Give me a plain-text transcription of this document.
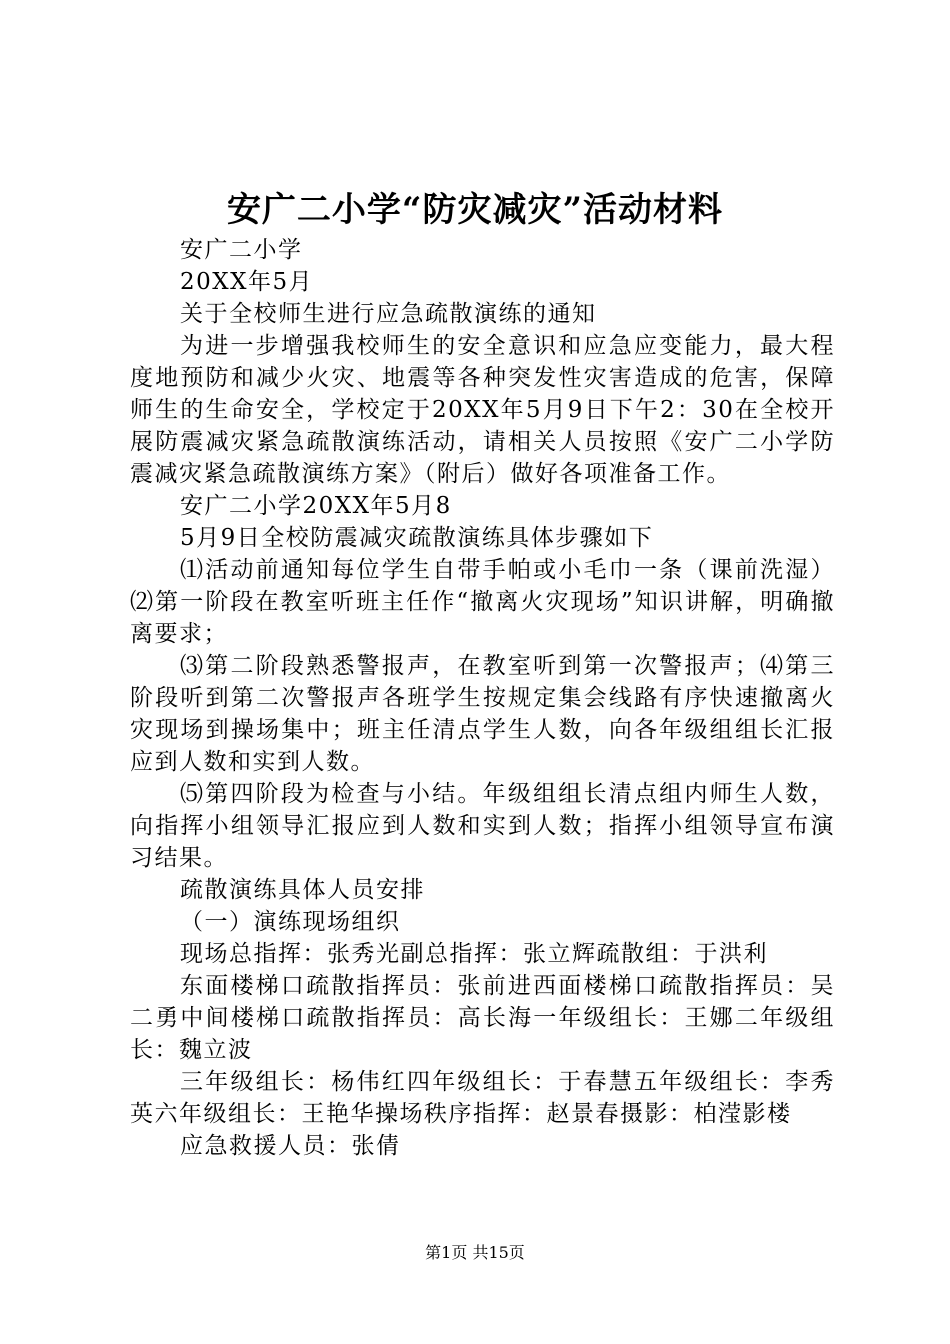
安广二小学“防灾减灾”活动材料

安广二小学

20XX年5月

关于全校师生进行应急疏散演练的通知

为进一步增强我校师生的安全意识和应急应变能力，最大程度地预防和减少火灾、地震等各种突发性灾害造成的危害，保障师生的生命安全，学校定于20XX年5月9日下午2：30在全校开展防震减灾紧急疏散演练活动，请相关人员按照《安广二小学防震减灾紧急疏散演练方案》（附后）做好各项准备工作。

安广二小学20XX年5月8

5月9日全校防震减灾疏散演练具体步骤如下

⑴活动前通知每位学生自带手帕或小毛巾一条（课前洗湿）⑵第一阶段在教室听班主任作“撤离火灾现场”知识讲解，明确撤离要求；

⑶第二阶段熟悉警报声，在教室听到第一次警报声；⑷第三阶段听到第二次警报声各班学生按规定集会线路有序快速撤离火灾现场到操场集中；班主任清点学生人数，向各年级组组长汇报应到人数和实到人数。

⑸第四阶段为检查与小结。年级组组长清点组内师生人数，向指挥小组领导汇报应到人数和实到人数；指挥小组领导宣布演习结果。

疏散演练具体人员安排

（一）演练现场组织

现场总指挥：张秀光副总指挥：张立辉疏散组：于洪利

东面楼梯口疏散指挥员：张前进西面楼梯口疏散指挥员：吴二勇中间楼梯口疏散指挥员：高长海一年级组长：王娜二年级组长：魏立波

三年级组长：杨伟红四年级组长：于春慧五年级组长：李秀英六年级组长：王艳华操场秩序指挥：赵景春摄影：柏滢影楼

应急救援人员：张倩

第1页 共15页
